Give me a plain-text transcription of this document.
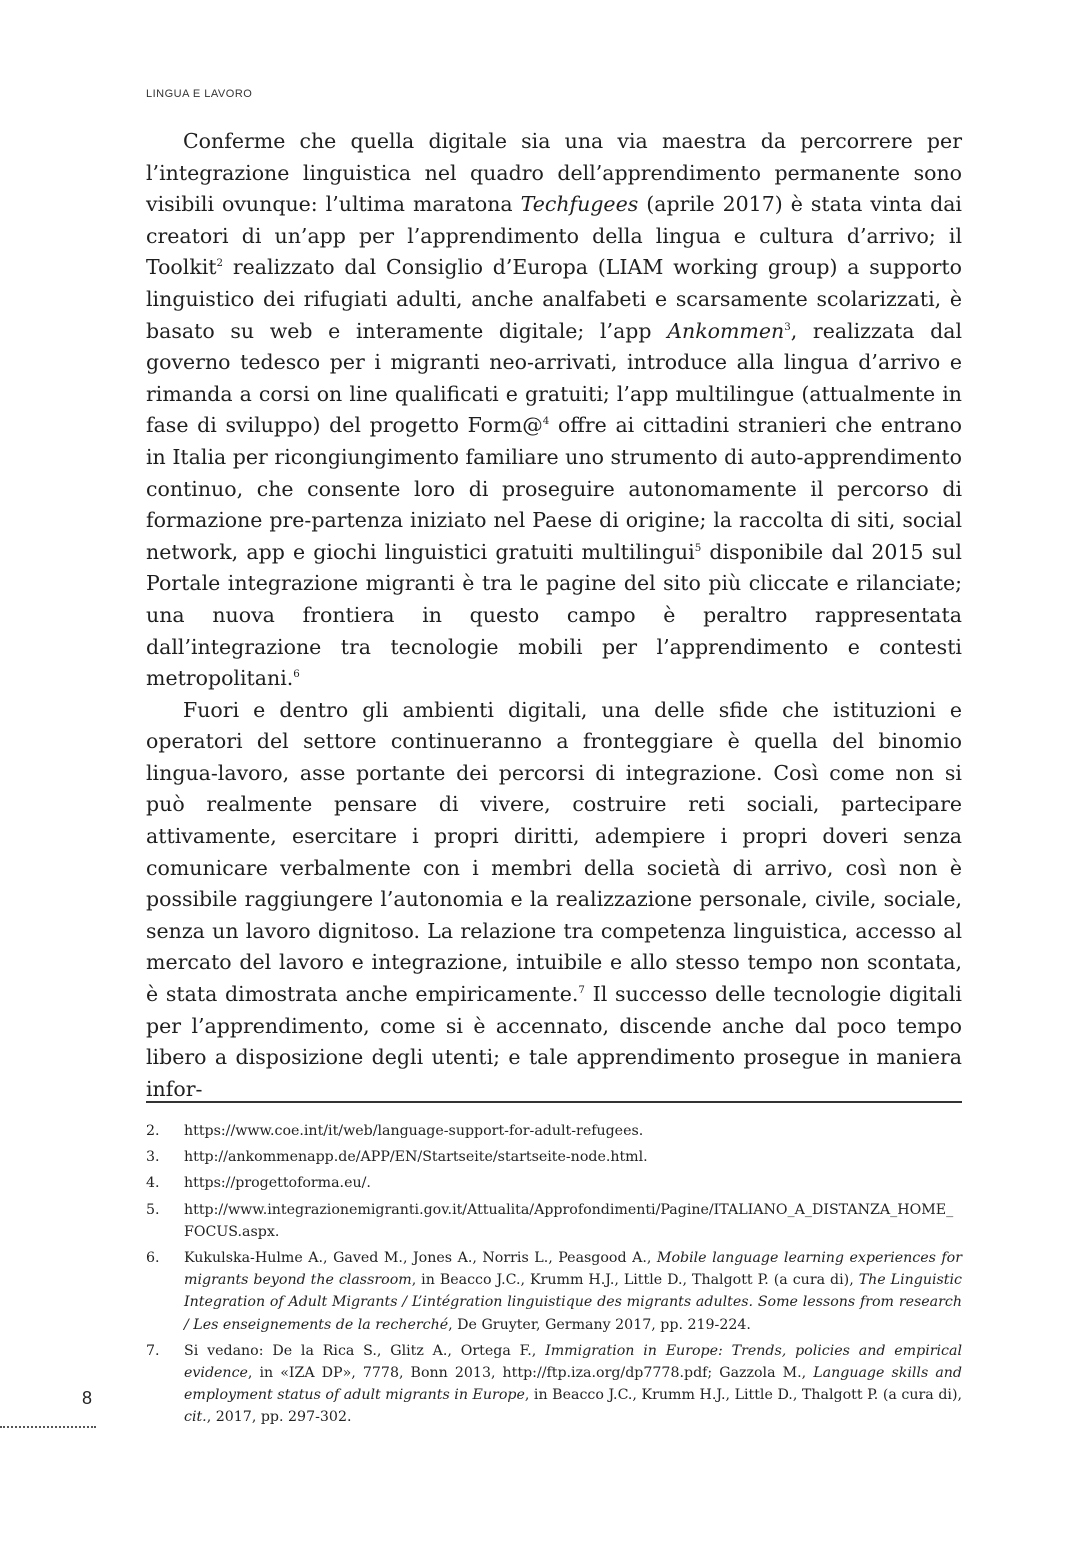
LINGUA E LAVORO

Conferme che quella digitale sia una via maestra da percorrere per l’integrazione linguistica nel quadro dell’apprendimento permanente sono visibili ovunque: l’ultima maratona Techfugees (aprile 2017) è stata vinta dai creatori di un’app per l’apprendimento della lingua e cultura d’arrivo; il Toolkit$^2$ realizzato dal Consiglio d’Europa (LIAM working group) a supporto linguistico dei rifugiati adulti, anche analfabeti e scarsamente scolarizzati, è basato su web e interamente digitale; l’app Ankommen$^3$, realizzata dal governo tedesco per i migranti neo-arrivati, introduce alla lingua d’arrivo e rimanda a corsi on line qualificati e gratuiti; l’app multilingue (attualmente in fase di sviluppo) del progetto Form@$^4$ offre ai cittadini stranieri che entrano in Italia per ricongiungimento familiare uno strumento di auto-apprendimento continuo, che consente loro di proseguire autonomamente il percorso di formazione pre-partenza iniziato nel Paese di origine; la raccolta di siti, social network, app e giochi linguistici gratuiti multilingui$^5$ disponibile dal 2015 sul Portale integrazione migranti è tra le pagine del sito più cliccate e rilanciate; una nuova frontiera in questo campo è peraltro rappresentata dall’integrazione tra tecnologie mobili per l’apprendimento e contesti metropolitani.$^6$

Fuori e dentro gli ambienti digitali, una delle sfide che istituzioni e operatori del settore continueranno a fronteggiare è quella del binomio lingua-lavoro, asse portante dei percorsi di integrazione. Così come non si può realmente pensare di vivere, costruire reti sociali, partecipare attivamente, esercitare i propri diritti, adempiere i propri doveri senza comunicare verbalmente con i membri della società di arrivo, così non è possibile raggiungere l’autonomia e la realizzazione personale, civile, sociale, senza un lavoro dignitoso. La relazione tra competenza linguistica, accesso al mercato del lavoro e integrazione, intuibile e allo stesso tempo non scontata, è stata dimostrata anche empiricamente.$^7$ Il successo delle tecnologie digitali per l’apprendimento, come si è accennato, discende anche dal poco tempo libero a disposizione degli utenti; e tale apprendimento prosegue in maniera infor-

2.	https://www.coe.int/it/web/language-support-for-adult-refugees.
3.	http://ankommenapp.de/APP/EN/Startseite/startseite-node.html.
4.	https://progettoforma.eu/.
5.	http://www.integrazionemigranti.gov.it/Attualita/Approfondimenti/Pagine/ITALIANO_A_DISTANZA_HOME_FOCUS.aspx.
6.	Kukulska-Hulme A., Gaved M., Jones A., Norris L., Peasgood A., Mobile language learning experiences for migrants beyond the classroom, in Beacco J.C., Krumm H.J., Little D., Thalgott P. (a cura di), The Linguistic Integration of Adult Migrants / L’intégration linguistique des migrants adultes. Some lessons from research / Les enseignements de la recherché, De Gruyter, Germany 2017, pp. 219-224.
7.	Si vedano: De la Rica S., Glitz A., Ortega F., Immigration in Europe: Trends, policies and empirical evidence, in «IZA DP», 7778, Bonn 2013, http://ftp.iza.org/dp7778.pdf; Gazzola M., Language skills and employment status of adult migrants in Europe, in Beacco J.C., Krumm H.J., Little D., Thalgott P. (a cura di), cit., 2017, pp. 297-302.
8
